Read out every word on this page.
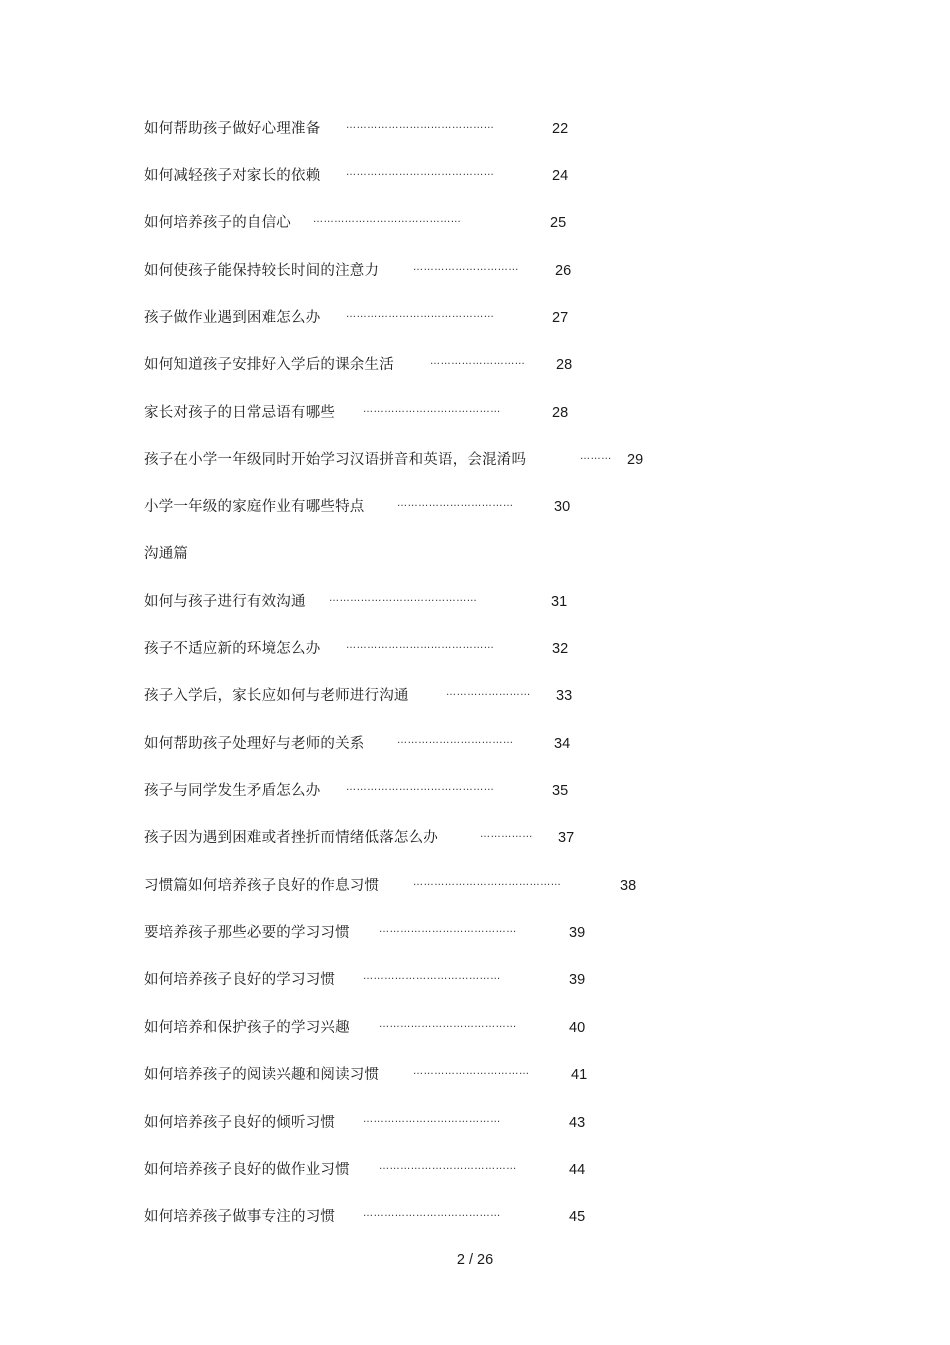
如何帮助孩子做好心理准备	……………………………………	22
如何减轻孩子对家长的依赖	……………………………………	24
如何培养孩子的自信心 ……………………………………	25
如何使孩子能保持较长时间的注意力	…………………………	26
孩子做作业遇到困难怎么办	……………………………………	27
如何知道孩子安排好入学后的课余生活	………………………	28
家长对孩子的日常忌语有哪些	…………………………………	28
孩子在小学一年级同时开始学习汉语拼音和英语，会混淆吗	………	29
小学一年级的家庭作业有哪些特点	……………………………	30
沟通篇
如何与孩子进行有效沟通 ……………………………………	31
孩子不适应新的环境怎么办	……………………………………	32
孩子入学后，家长应如何与老师进行沟通	……………………	33
如何帮助孩子处理好与老师的关系	……………………………	34
孩子与同学发生矛盾怎么办	……………………………………	35
孩子因为遇到困难或者挫折而情绪低落怎么办	……………	37
习惯篇如何培养孩子良好的作息习惯	……………………………………	38
要培养孩子那些必要的学习习惯	…………………………………	39
如何培养孩子良好的学习习惯	…………………………………	39
如何培养和保护孩子的学习兴趣	…………………………………	40
如何培养孩子的阅读兴趣和阅读习惯	……………………………	41
如何培养孩子良好的倾听习惯	…………………………………	43
如何培养孩子良好的做作业习惯	…………………………………	44
如何培养孩子做事专注的习惯	…………………………………	45
2 / 26
